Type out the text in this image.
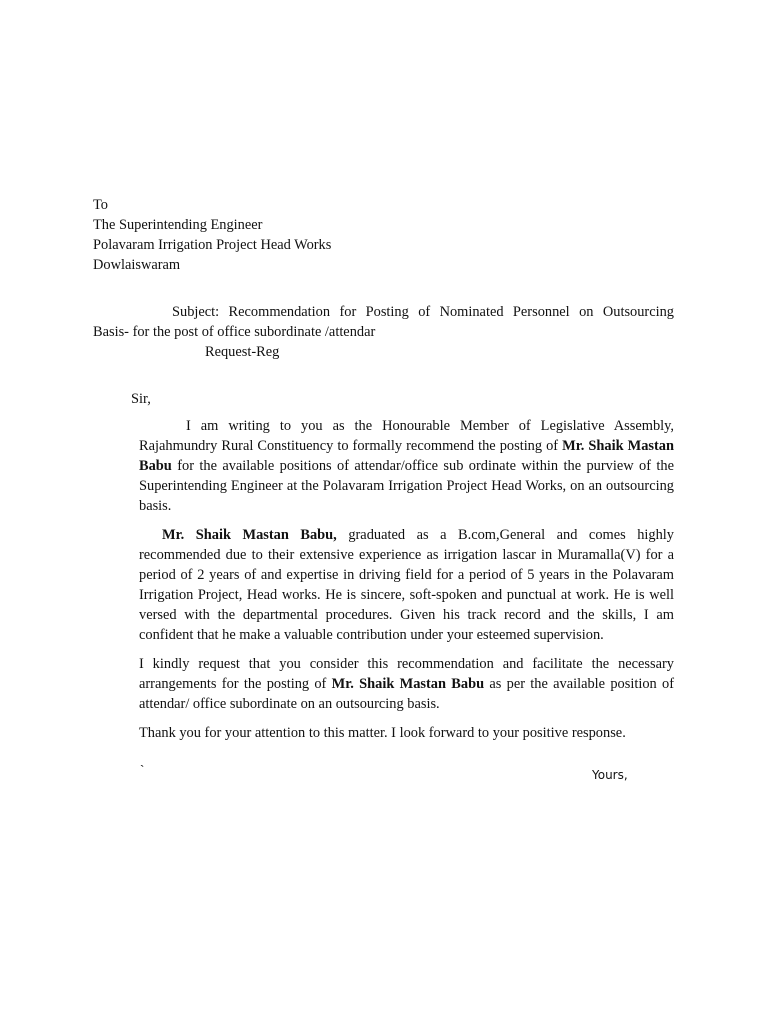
To
The Superintending Engineer
Polavaram Irrigation Project Head Works
Dowlaiswaram
Subject: Recommendation for Posting of Nominated Personnel on Outsourcing
Basis- for the post of office subordinate /attendar
Request-Reg
Sir,

I am writing to you as the Honourable Member of Legislative Assembly, Rajahmundry Rural Constituency to formally recommend the posting of Mr. Shaik Mastan Babu for the available positions of attendar/office sub ordinate within the purview of the Superintending Engineer at the Polavaram Irrigation Project Head Works, on an outsourcing basis.

Mr. Shaik Mastan Babu, graduated as a B.com,General and comes highly recommended due to their extensive experience as irrigation lascar in Muramalla(V) for a period of 2 years of and expertise in driving field for a period of 5 years in the Polavaram Irrigation Project, Head works. He is sincere, soft-spoken and punctual at work. He is well versed with the departmental procedures. Given his track record and the skills, I am confident that he make a valuable contribution under your esteemed supervision.

I kindly request that you consider this recommendation and facilitate the necessary arrangements for the posting of Mr. Shaik Mastan Babu as per the available position of attendar/ office subordinate on an outsourcing basis.

Thank you for your attention to this matter. I look forward to your positive response.

`	Yours,
